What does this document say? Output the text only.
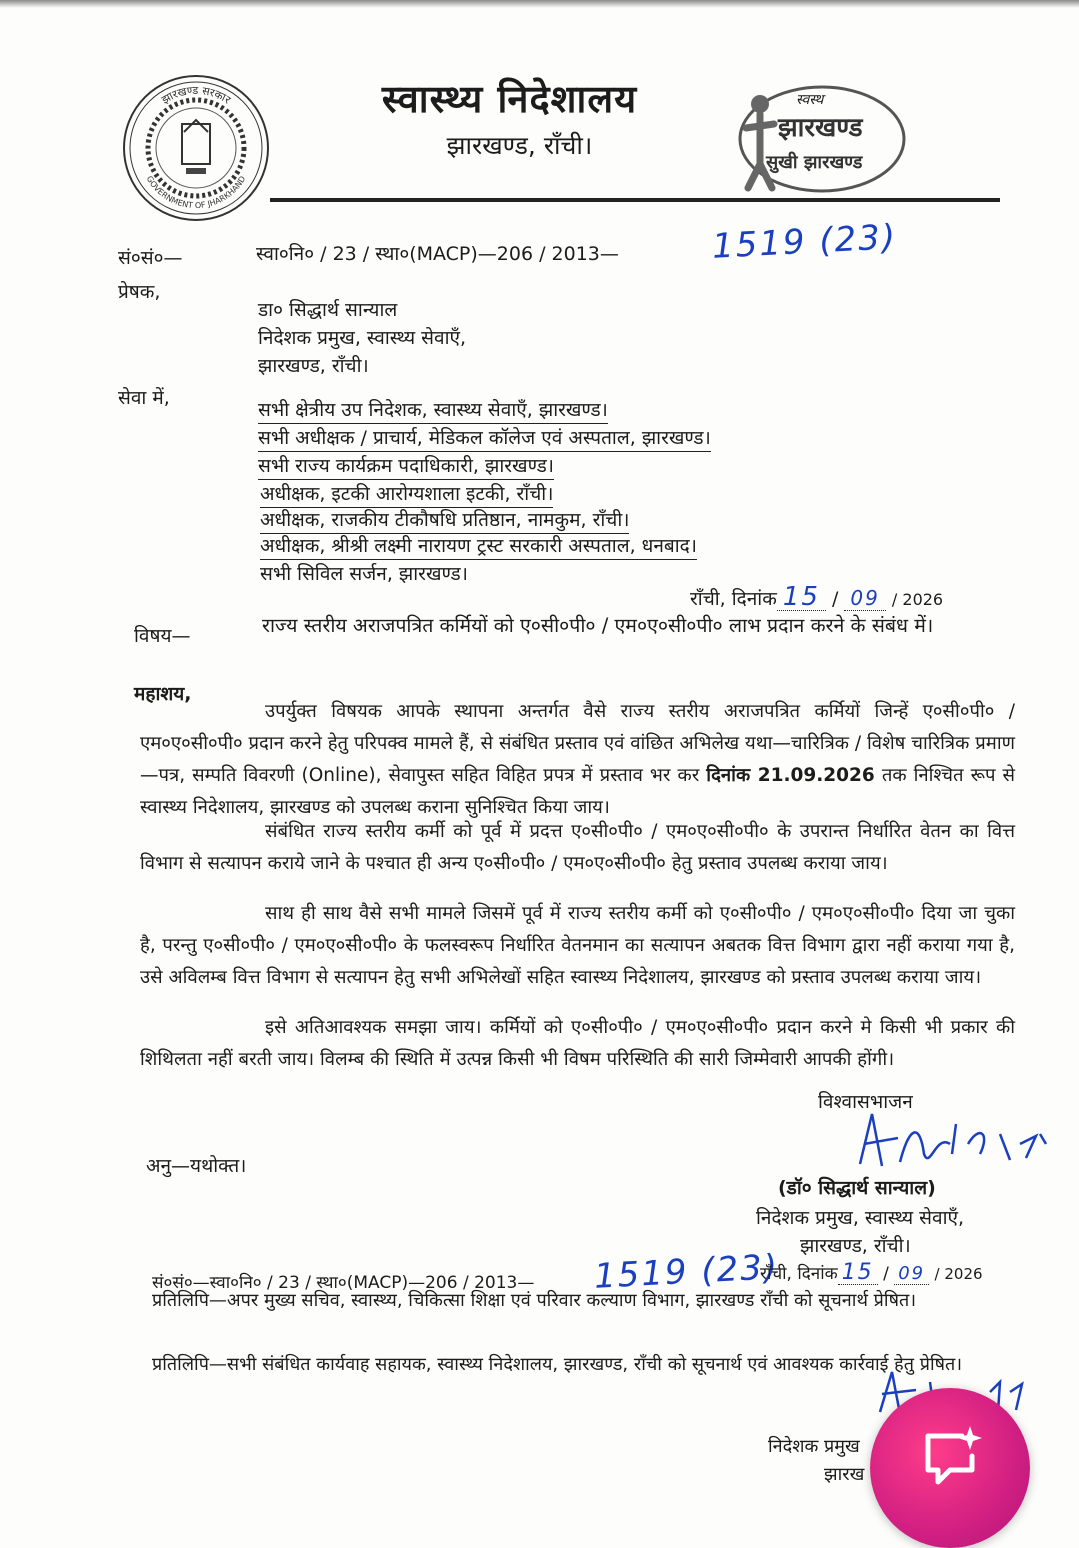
झारखण्ड सरकार
GOVERNMENT OF JHARKHAND
स्वास्थ्य निदेशालय
झारखण्ड, राँची।
स्वस्थ
झारखण्ड
सुखी झारखण्ड
सं०सं०—	स्वा०नि० / 23 / स्था०(MACP)—206 / 2013—	1519 (23)
प्रेषक,
डा० सिद्धार्थ सान्याल
निदेशक प्रमुख, स्वास्थ्य सेवाएँ,
झारखण्ड, राँची।
सेवा में,
सभी क्षेत्रीय उप निदेशक, स्वास्थ्य सेवाएँ, झारखण्ड।
सभी अधीक्षक / प्राचार्य, मेडिकल कॉलेज एवं अस्पताल, झारखण्ड।
सभी राज्य कार्यक्रम पदाधिकारी, झारखण्ड।
अधीक्षक, इटकी आरोग्यशाला इटकी, राँची।
अधीक्षक, राजकीय टीकौषधि प्रतिष्ठान, नामकुम, राँची।
अधीक्षक, श्रीश्री लक्ष्मी नारायण ट्रस्ट सरकारी अस्पताल, धनबाद।
सभी सिविल सर्जन, झारखण्ड।
राँची, दिनांक 15 / 09 / 2026
विषय—	राज्य स्तरीय अराजपत्रित कर्मियों को ए०सी०पी० / एम०ए०सी०पी० लाभ प्रदान करने के संबंध में।
महाशय,
उपर्युक्त विषयक आपके स्थापना अन्तर्गत वैसे राज्य स्तरीय अराजपत्रित कर्मियों जिन्हें ए०सी०पी० / एम०ए०सी०पी० प्रदान करने हेतु परिपक्व मामले हैं, से संबंधित प्रस्ताव एवं वांछित अभिलेख यथा—चारित्रिक / विशेष चारित्रिक प्रमाण—पत्र, सम्पति विवरणी (Online), सेवापुस्त सहित विहित प्रपत्र में प्रस्ताव भर कर दिनांक 21.09.2026 तक निश्चित रूप से स्वास्थ्य निदेशालय, झारखण्ड को उपलब्ध कराना सुनिश्चित किया जाय।
संबंधित राज्य स्तरीय कर्मी को पूर्व में प्रदत्त ए०सी०पी० / एम०ए०सी०पी० के उपरान्त निर्धारित वेतन का वित्त विभाग से सत्यापन कराये जाने के पश्चात ही अन्य ए०सी०पी० / एम०ए०सी०पी० हेतु प्रस्ताव उपलब्ध कराया जाय।
साथ ही साथ वैसे सभी मामले जिसमें पूर्व में राज्य स्तरीय कर्मी को ए०सी०पी० / एम०ए०सी०पी० दिया जा चुका है, परन्तु ए०सी०पी० / एम०ए०सी०पी० के फलस्वरूप निर्धारित वेतनमान का सत्यापन अबतक वित्त विभाग द्वारा नहीं कराया गया है, उसे अविलम्ब वित्त विभाग से सत्यापन हेतु सभी अभिलेखों सहित स्वास्थ्य निदेशालय, झारखण्ड को प्रस्ताव उपलब्ध कराया जाय।
इसे अतिआवश्यक समझा जाय। कर्मियों को ए०सी०पी० / एम०ए०सी०पी० प्रदान करने मे किसी भी प्रकार की शिथिलता नहीं बरती जाय। विलम्ब की स्थिति में उत्पन्न किसी भी विषम परिस्थिति की सारी जिम्मेवारी आपकी होंगी।
विश्वासभाजन
अनु—यथोक्त।
(डॉ० सिद्धार्थ सान्याल)
निदेशक प्रमुख, स्वास्थ्य सेवाएँ,
झारखण्ड, राँची।
सं०सं०—स्वा०नि० / 23 / स्था०(MACP)—206 / 2013— 1519 (23)
राँची, दिनांक 15 / 09 / 2026
प्रतिलिपि—अपर मुख्य सचिव, स्वास्थ्य, चिकित्सा शिक्षा एवं परिवार कल्याण विभाग, झारखण्ड राँची को सूचनार्थ प्रेषित।
प्रतिलिपि—सभी संबंधित कार्यवाह सहायक, स्वास्थ्य निदेशालय, झारखण्ड, राँची को सूचनार्थ एवं आवश्यक कार्रवाई हेतु प्रेषित।
निदेशक प्रमुख
झारख
